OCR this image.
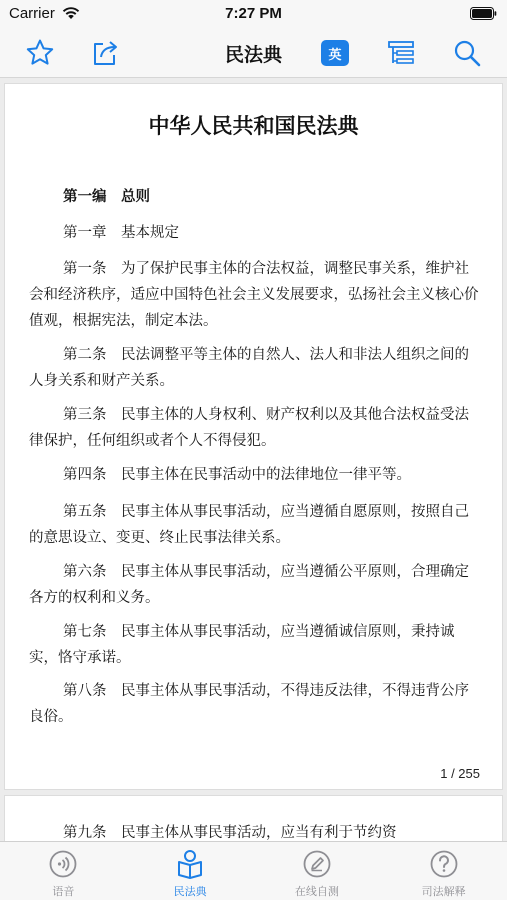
Carrier	7:27 PM
民法典	英
中华人民共和国民法典

第一编　总则

第一章　基本规定

第一条　为了保护民事主体的合法权益，调整民事关系，维护社会和经济秩序，适应中国特色社会主义发展要求，弘扬社会主义核心价值观，根据宪法，制定本法。

第二条　民法调整平等主体的自然人、法人和非法人组织之间的人身关系和财产关系。

第三条　民事主体的人身权利、财产权利以及其他合法权益受法律保护，任何组织或者个人不得侵犯。

第四条　民事主体在民事活动中的法律地位一律平等。

第五条　民事主体从事民事活动，应当遵循自愿原则，按照自己的意思设立、变更、终止民事法律关系。

第六条　民事主体从事民事活动，应当遵循公平原则，合理确定各方的权利和义务。

第七条　民事主体从事民事活动，应当遵循诚信原则，秉持诚实，恪守承诺。

第八条　民事主体从事民事活动，不得违反法律，不得违背公序良俗。

1 / 255

第九条　民事主体从事民事活动，应当有利于节约资

语音	民法典	在线自测	司法解释
